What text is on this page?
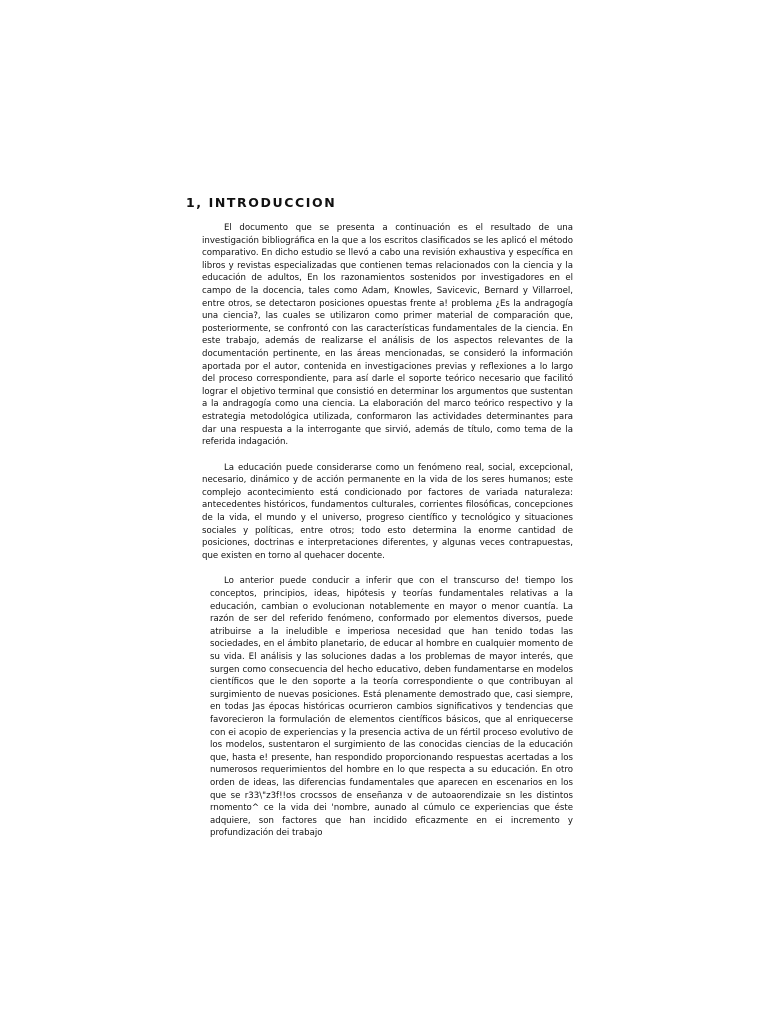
1, INTRODUCCION

El documento que se presenta a continuación es el resultado de una investigación bibliográfica en la que a los escritos clasificados se les aplicó el método comparativo. En dicho estudio se llevó a cabo una revisión exhaustiva y específica en libros y revistas especializadas que contienen temas relacionados con la ciencia y la educación de adultos, En los razonamientos sostenidos por investigadores en el campo de la docencia, tales como Adam, Knowles, Savicevic, Bernard y Villarroel, entre otros, se detectaron posiciones opuestas frente a! problema ¿Es la andragogía una ciencia?, las cuales se utilizaron como primer material de comparación que, posteriormente, se confrontó con las características fundamentales de la ciencia. En este trabajo, además de realizarse el análisis de los aspectos relevantes de la documentación pertinente, en las áreas mencionadas, se consideró la información aportada por el autor, contenida en investigaciones previas y reflexiones a lo largo del proceso correspondiente, para así darle el soporte teórico necesario que facilitó lograr el objetivo terminal que consistió en determinar los argumentos que sustentan a la andragogía como una ciencia. La elaboración del marco teórico respectivo y la estrategia metodológica utilizada, conformaron las actividades determinantes para dar una respuesta a la interrogante que sirvió, además de título, como tema de la referida indagación.

La educación puede considerarse como un fenómeno real, social, excepcional, necesario, dinámico y de acción permanente en la vida de los seres humanos; este complejo acontecimiento está condicionado por factores de variada naturaleza: antecedentes históricos, fundamentos culturales, corrientes filosóficas, concepciones de la vida, el mundo y el universo, progreso científico y tecnológico y situaciones sociales y políticas, entre otros; todo esto determina la enorme cantidad de posiciones, doctrinas e interpretaciones diferentes, y algunas veces contrapuestas, que existen en torno al quehacer docente.

Lo anterior puede conducir a inferir que con el transcurso de! tiempo los conceptos, principios, ideas, hipótesis y teorías fundamentales relativas a la educación, cambian o evolucionan notablemente en mayor o menor cuantía. La razón de ser del referido fenómeno, conformado por elementos diversos, puede atribuirse a la ineludible e imperiosa necesidad que han tenido todas las sociedades, en el ámbito planetario, de educar al hombre en cualquier momento de su vida. El análisis y las soluciones dadas a los problemas de mayor interés, que surgen como consecuencia del hecho educativo, deben fundamentarse en modelos científicos que le den soporte a la teoría correspondiente o que contribuyan al surgimiento de nuevas posiciones. Está plenamente demostrado que, casi siempre, en todas Jas épocas históricas ocurrieron cambios significativos y tendencias que favorecieron la formulación de elementos científicos básicos, que al enriquecerse con ei acopio de experiencias y la presencia activa de un fértil proceso evolutivo de los modelos, sustentaron el surgimiento de las conocidas ciencias de la educación que, hasta e! presente, han respondido proporcionando respuestas acertadas a los numerosos requerimientos del hombre en lo que respecta a su educación. En otro orden de ideas, las diferencias fundamentales que aparecen en escenarios en los que se r33\"z3f!!os crocssos de enseñanza v de autoaorendizaie sn les distintos rnomento^ ce la vida dei 'nombre, aunado al cúmulo ce experiencias que éste adquiere, son factores que han incidido eficazmente en ei incremento y profundización dei trabajo
